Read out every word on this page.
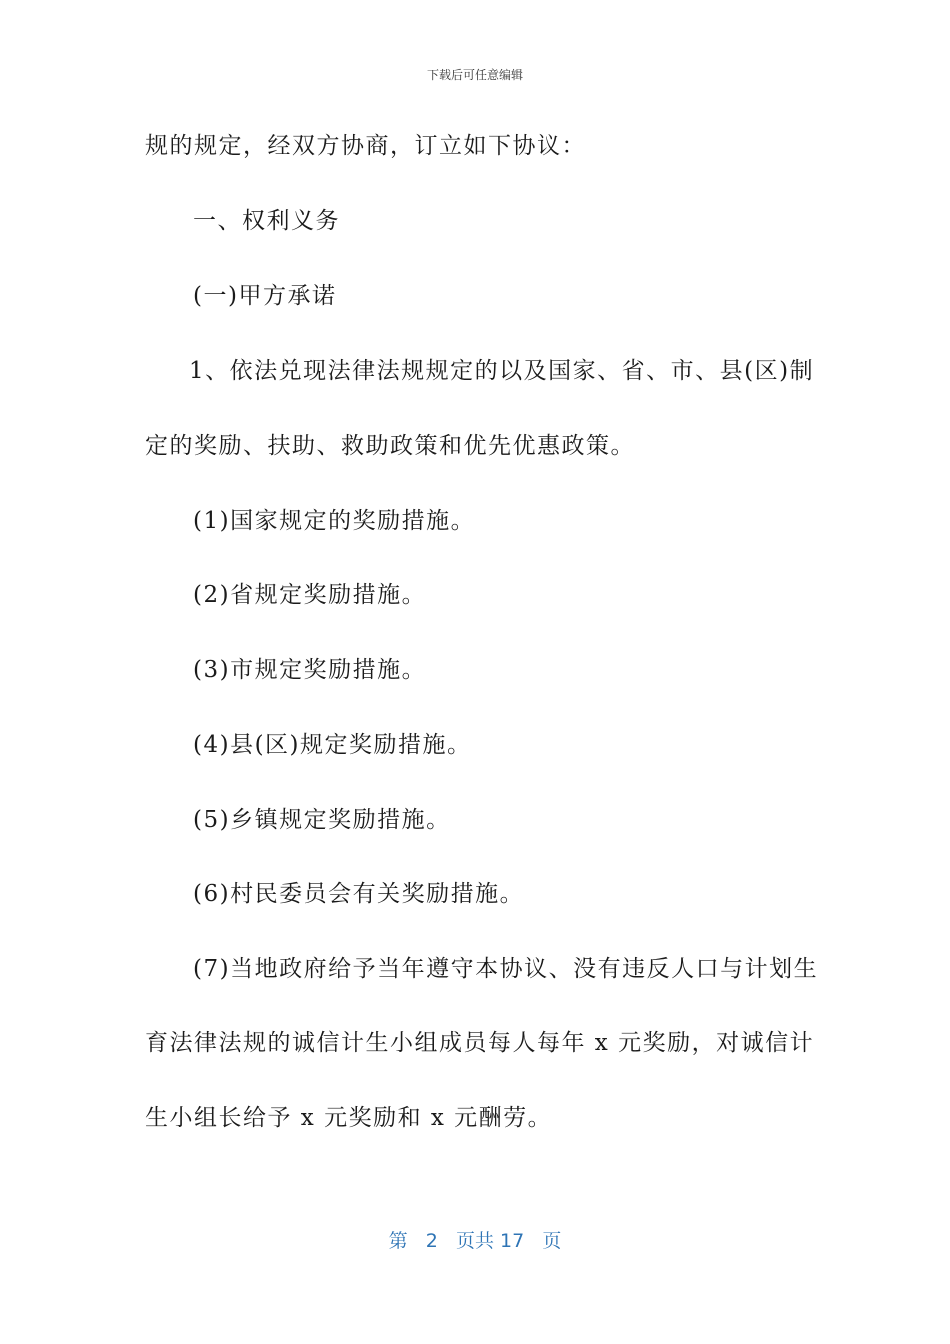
下载后可任意编辑
规的规定，经双方协商，订立如下协议：
一、权利义务
(一)甲方承诺
1、依法兑现法律法规规定的以及国家、省、市、县(区)制
定的奖励、扶助、救助政策和优先优惠政策。
(1)国家规定的奖励措施。
(2)省规定奖励措施。
(3)市规定奖励措施。
(4)县(区)规定奖励措施。
(5)乡镇规定奖励措施。
(6)村民委员会有关奖励措施。
(7)当地政府给予当年遵守本协议、没有违反人口与计划生
育法律法规的诚信计生小组成员每人每年 x 元奖励，对诚信计
生小组长给予 x 元奖励和 x 元酬劳。
第 2 页共 17 页
